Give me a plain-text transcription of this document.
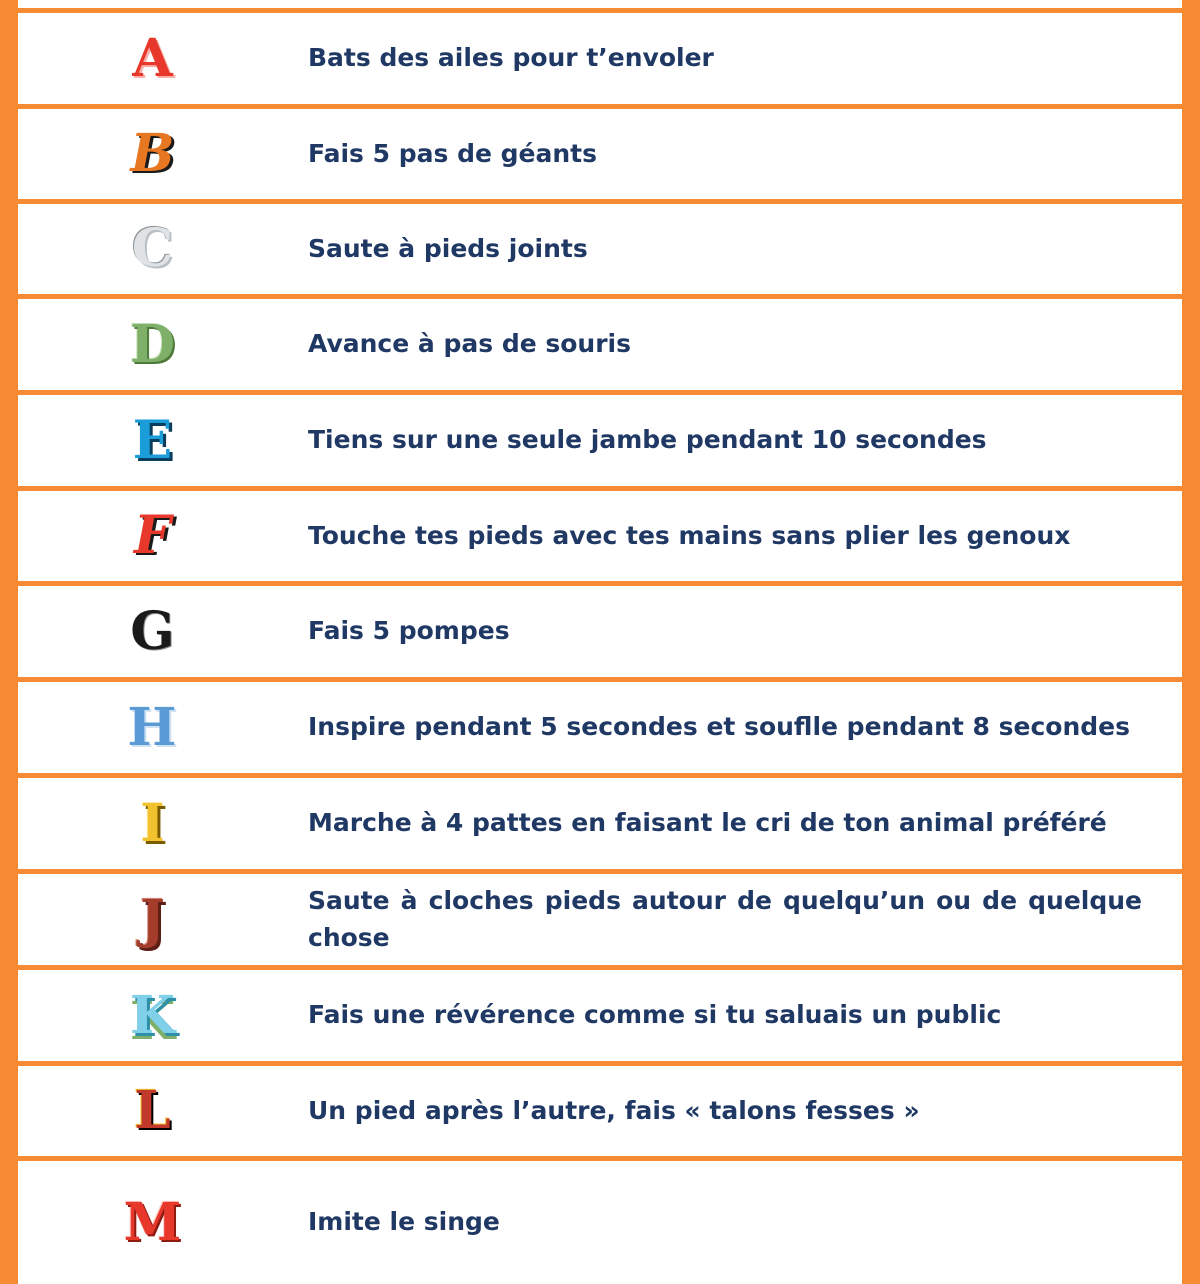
A	Bats des ailes pour t’envoler

B	Fais 5 pas de géants

C	Saute à pieds joints

D	Avance à pas de souris

E	Tiens sur une seule jambe pendant 10 secondes

F	Touche tes pieds avec tes mains sans plier les genoux

G	Fais 5 pompes

H	Inspire pendant 5 secondes et souflle pendant 8 secondes

I	Marche à 4 pattes en faisant le cri de ton animal préféré

J	Saute à cloches pieds autour de quelqu’un ou de quelque chose

K	Fais une révérence comme si tu saluais un public

L	Un pied après l’autre, fais « talons fesses »

M	Imite le singe
